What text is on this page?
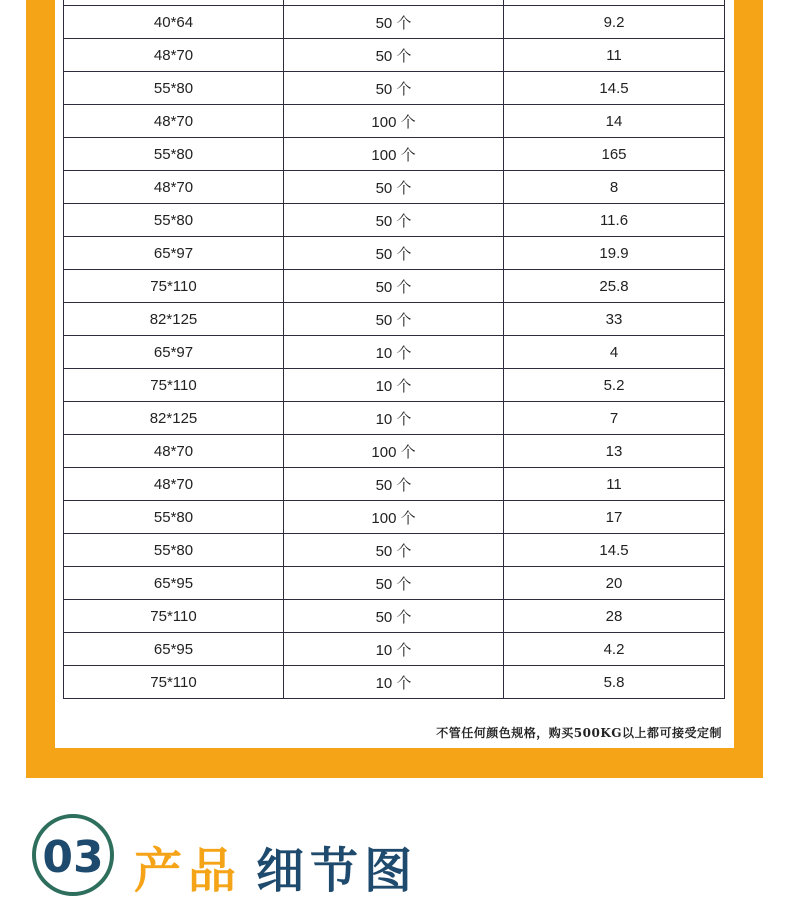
40*64	50 个	9.2
48*70	50 个	11
55*80	50 个	14.5
48*70	100 个	14
55*80	100 个	165
48*70	50 个	8
55*80	50 个	11.6
65*97	50 个	19.9
75*110	50 个	25.8
82*125	50 个	33
65*97	10 个	4
75*110	10 个	5.2
82*125	10 个	7
48*70	100 个	13
48*70	50 个	11
55*80	100 个	17
55*80	50 个	14.5
65*95	50 个	20
75*110	50 个	28
65*95	10 个	4.2
75*110	10 个	5.8
不管任何颜色规格，购买500KG以上都可接受定制
03 产品 细节图
